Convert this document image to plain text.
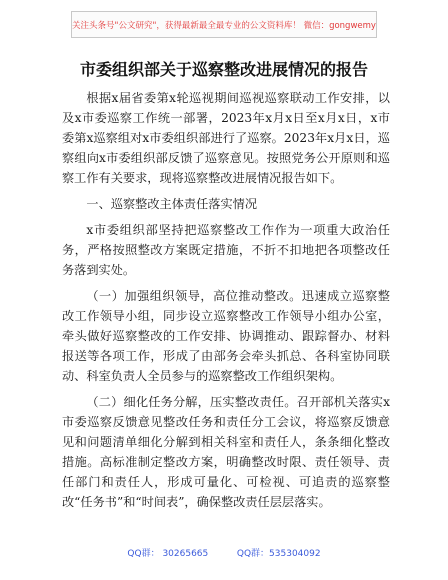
关注头条号"公文研究"，获得最新最全最专业的公文资料库！ 微信：gongwemy
市委组织部关于巡察整改进展情况的报告

根据x届省委第x轮巡视期间巡视巡察联动工作安排，以及x市委巡察工作统一部署，2023年x月x日至x月x日，x市委第x巡察组对x市委组织部进行了巡察。2023年x月x日，巡察组向x市委组织部反馈了巡察意见。按照党务公开原则和巡察工作有关要求，现将巡察整改进展情况报告如下。

一、巡察整改主体责任落实情况

x市委组织部坚持把巡察整改工作作为一项重大政治任务，严格按照整改方案既定措施，不折不扣地把各项整改任务落到实处。

（一）加强组织领导，高位推动整改。迅速成立巡察整改工作领导小组，同步设立巡察整改工作领导小组办公室，牵头做好巡察整改的工作安排、协调推动、跟踪督办、材料报送等各项工作，形成了由部务会牵头抓总、各科室协同联动、科室负责人全员参与的巡察整改工作组织架构。

（二）细化任务分解，压实整改责任。召开部机关落实x市委巡察反馈意见整改任务和责任分工会议，将巡察反馈意见和问题清单细化分解到相关科室和责任人，条条细化整改措施。高标准制定整改方案，明确整改时限、责任领导、责任部门和责任人，形成可量化、可检视、可追责的巡察整改“任务书”和“时间表”，确保整改责任层层落实。

QQ群： 30265665          QQ群：535304092
